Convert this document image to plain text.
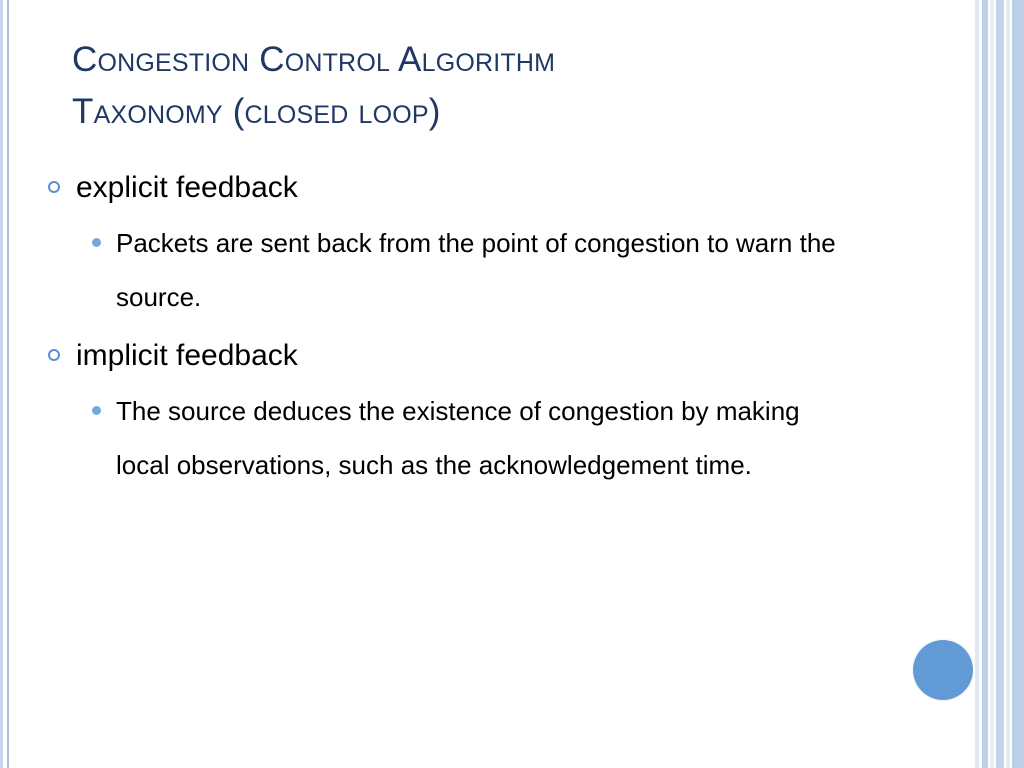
Congestion Control Algorithm
Taxonomy (closed loop)

explicit feedback

Packets are sent back from the point of congestion to warn the
source.

implicit feedback

The source deduces the existence of congestion by making
local observations, such as the acknowledgement time.
